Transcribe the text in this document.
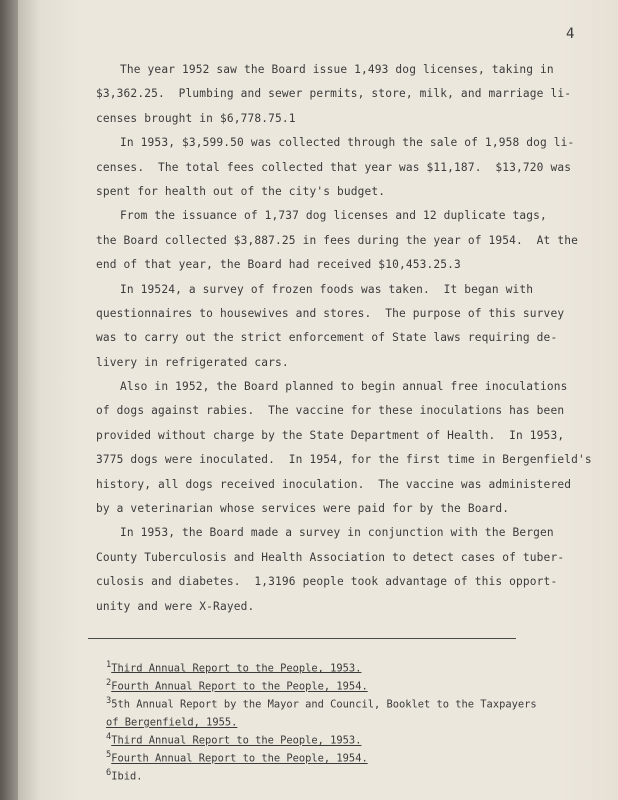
4
The year 1952 saw the Board issue 1,493 dog licenses, taking in
$3,362.25.  Plumbing and sewer permits, store, milk, and marriage li-
censes brought in $6,778.75.1
In 1953, $3,599.50 was collected through the sale of 1,958 dog li-
censes.  The total fees collected that year was $11,187.  $13,720 was
spent for health out of the city's budget.
From the issuance of 1,737 dog licenses and 12 duplicate tags,
the Board collected $3,887.25 in fees during the year of 1954.  At the
end of that year, the Board had received $10,453.25.3
In 19524, a survey of frozen foods was taken.  It began with
questionnaires to housewives and stores.  The purpose of this survey
was to carry out the strict enforcement of State laws requiring de-
livery in refrigerated cars.
Also in 1952, the Board planned to begin annual free inoculations
of dogs against rabies.  The vaccine for these inoculations has been
provided without charge by the State Department of Health.  In 1953,
3775 dogs were inoculated.  In 1954, for the first time in Bergenfield's
history, all dogs received inoculation.  The vaccine was administered
by a veterinarian whose services were paid for by the Board.
In 1953, the Board made a survey in conjunction with the Bergen
County Tuberculosis and Health Association to detect cases of tuber-
culosis and diabetes.  1,3196 people took advantage of this opport-
unity and were X-Rayed.
$^1$Third Annual Report to the People, 1953.
$^2$Fourth Annual Report to the People, 1954.
$^3$5th Annual Report by the Mayor and Council, Booklet to the Taxpayers
of Bergenfield, 1955.
$^4$Third Annual Report to the People, 1953.
$^5$Fourth Annual Report to the People, 1954.
$^6$Ibid.
